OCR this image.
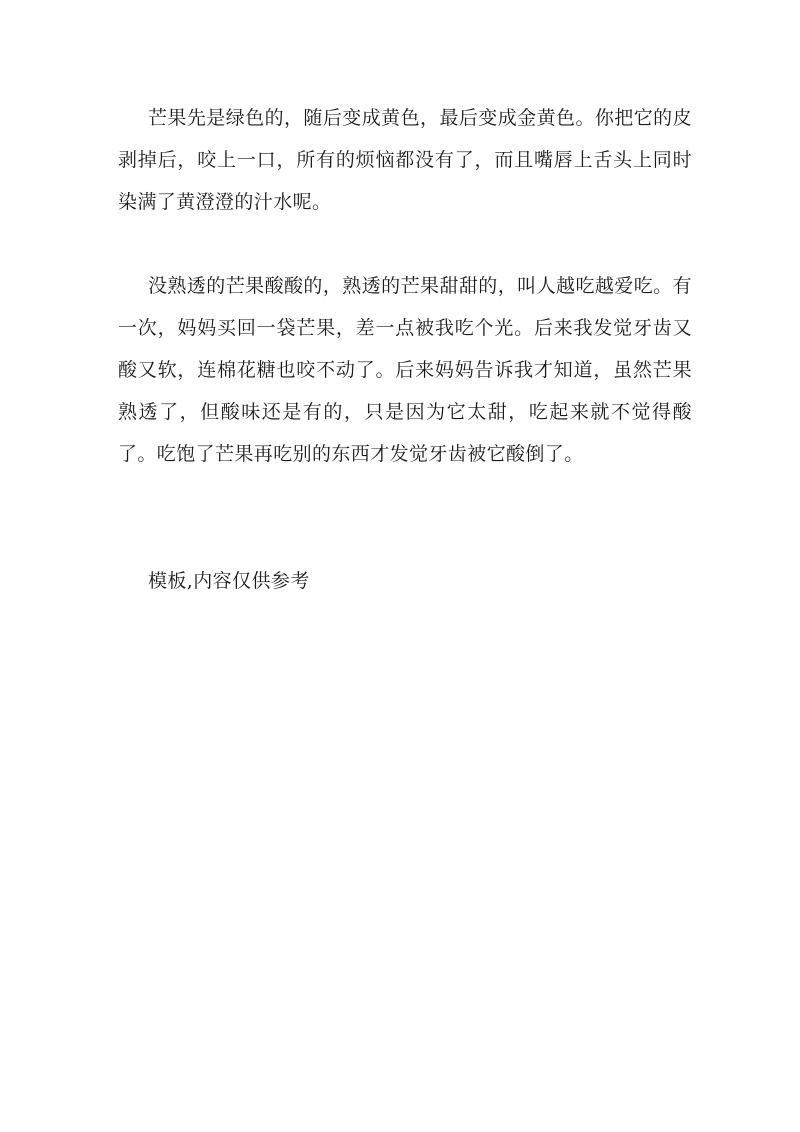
芒果先是绿色的，随后变成黄色，最后变成金黄色。你把它的皮剥掉后，咬上一口，所有的烦恼都没有了，而且嘴唇上舌头上同时染满了黄澄澄的汁水呢。

没熟透的芒果酸酸的，熟透的芒果甜甜的，叫人越吃越爱吃。有一次，妈妈买回一袋芒果，差一点被我吃个光。后来我发觉牙齿又酸又软，连棉花糖也咬不动了。后来妈妈告诉我才知道，虽然芒果熟透了，但酸味还是有的，只是因为它太甜，吃起来就不觉得酸了。吃饱了芒果再吃别的东西才发觉牙齿被它酸倒了。

模板,内容仅供参考
